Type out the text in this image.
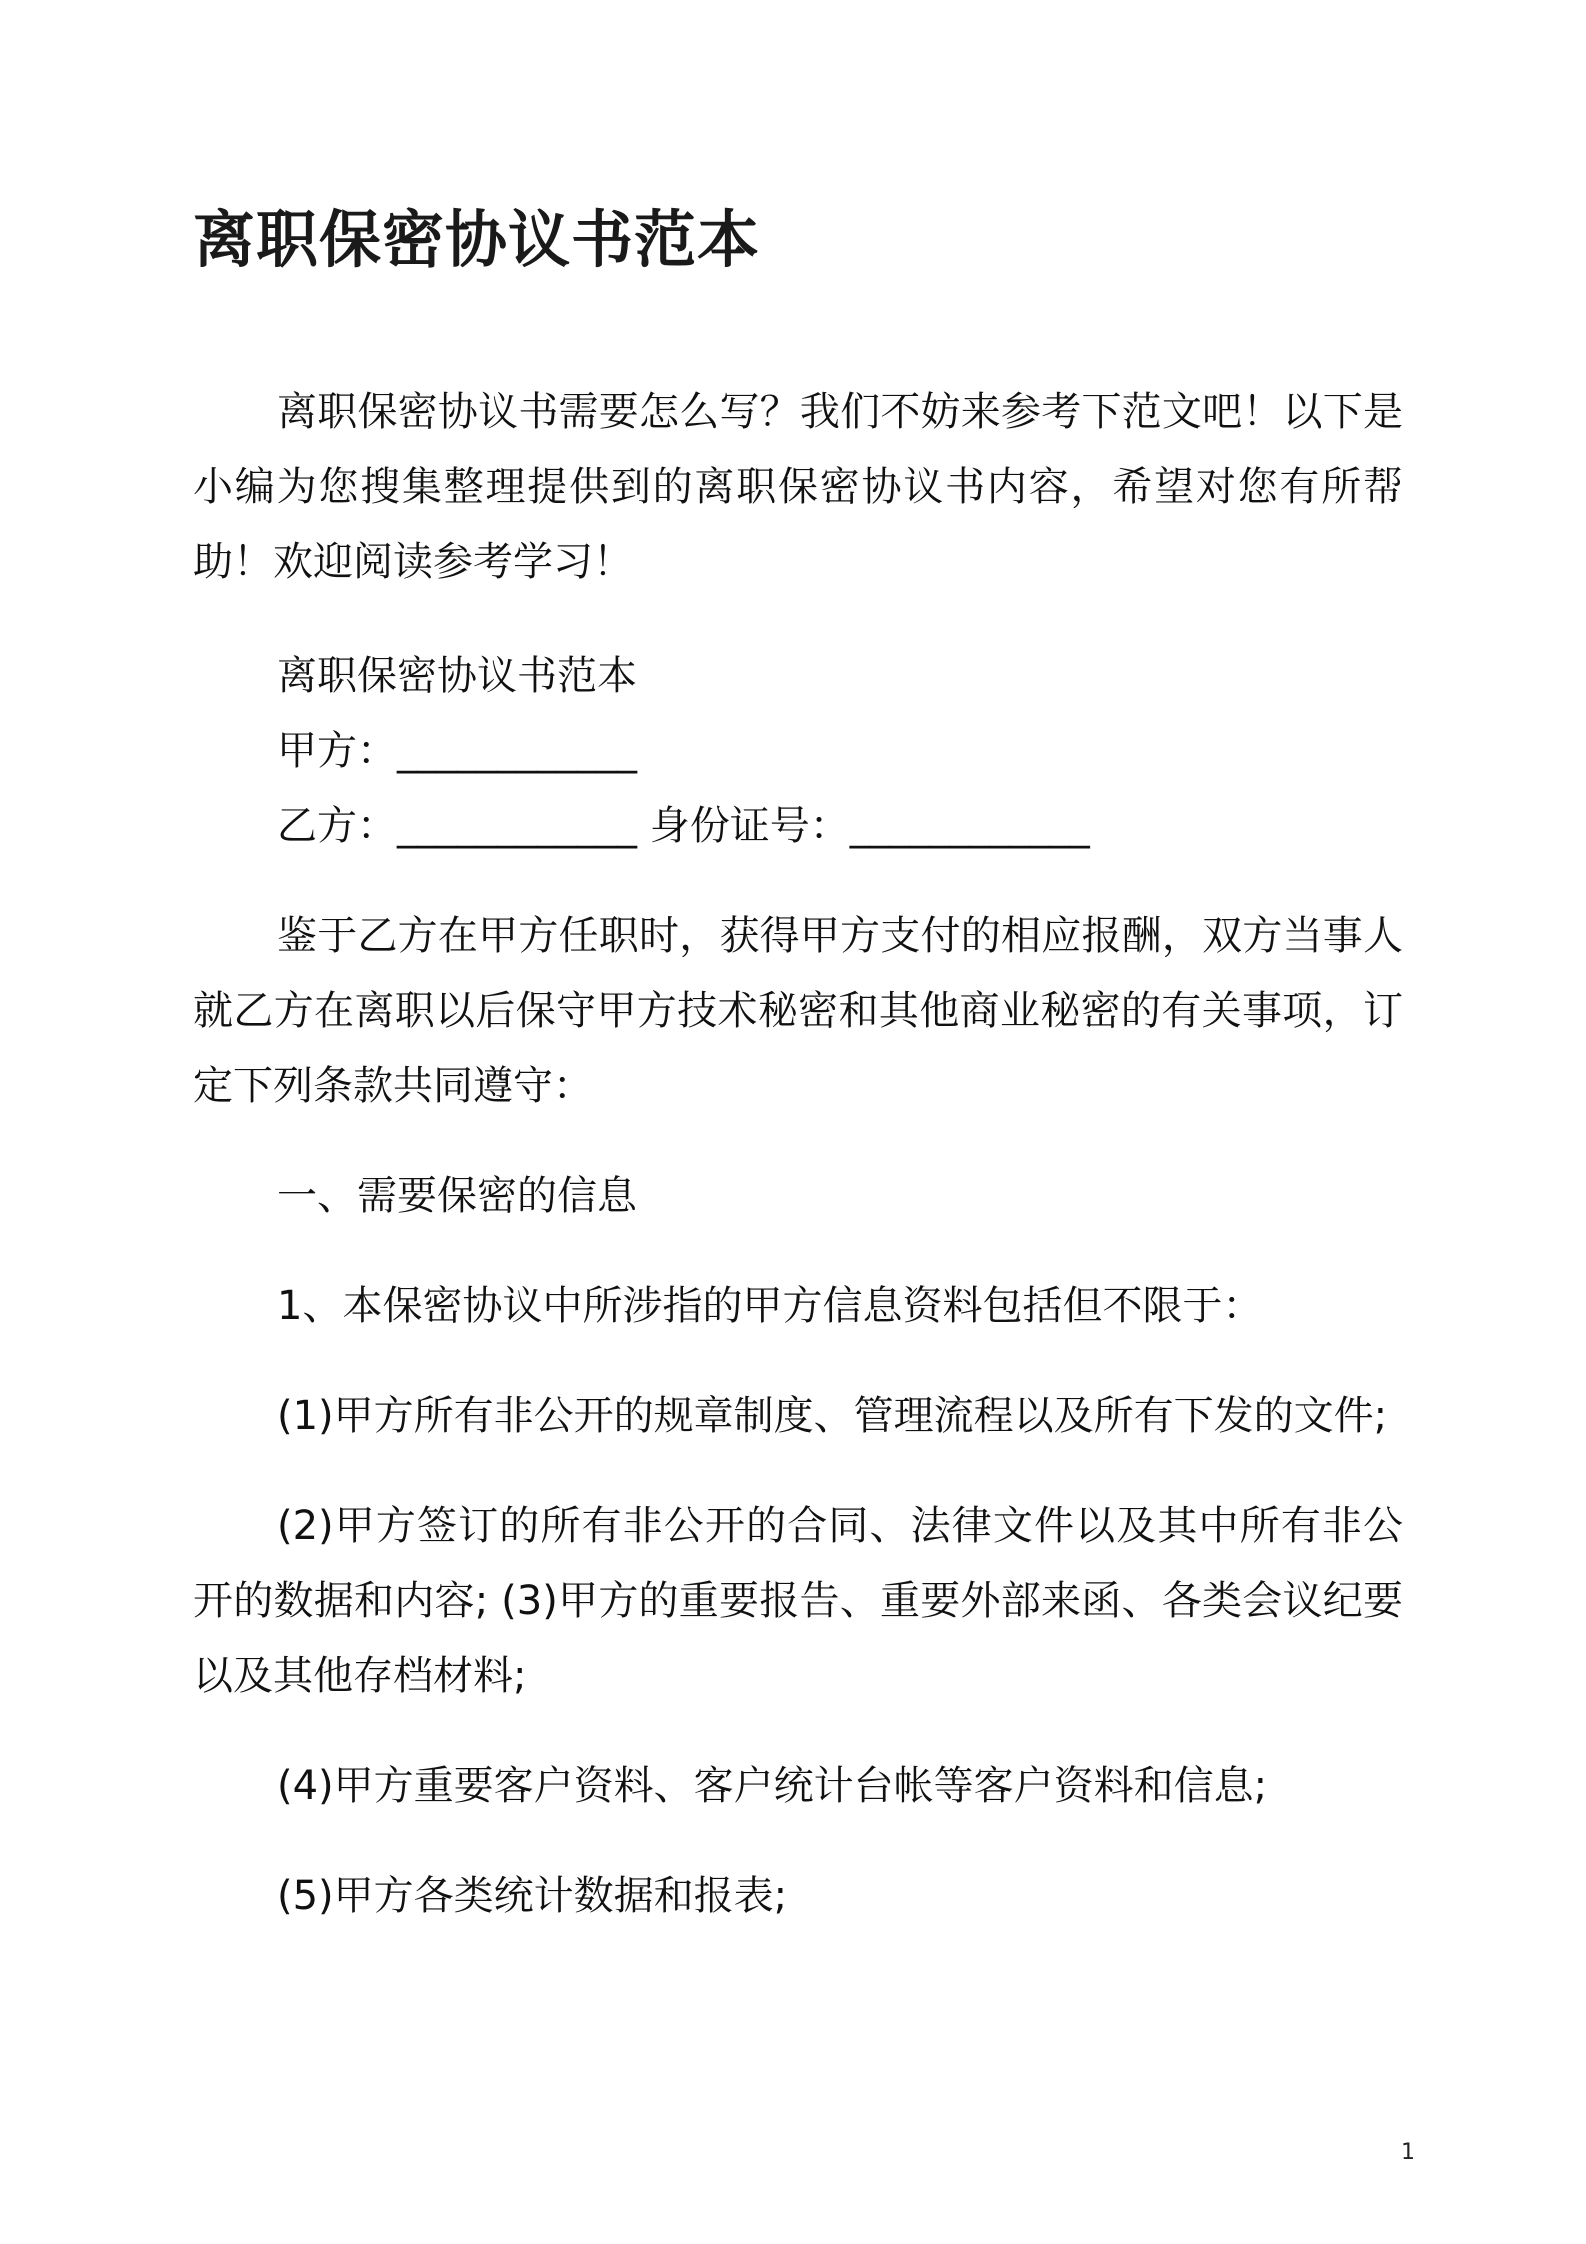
离职保密协议书范本

离职保密协议书需要怎么写？我们不妨来参考下范文吧！以下是小编为您搜集整理提供到的离职保密协议书内容，希望对您有所帮助！欢迎阅读参考学习！

离职保密协议书范本

甲方：____________

乙方：____________ 身份证号：____________

鉴于乙方在甲方任职时，获得甲方支付的相应报酬，双方当事人就乙方在离职以后保守甲方技术秘密和其他商业秘密的有关事项，订定下列条款共同遵守：

一、需要保密的信息

1、本保密协议中所涉指的甲方信息资料包括但不限于：

(1)甲方所有非公开的规章制度、管理流程以及所有下发的文件;

(2)甲方签订的所有非公开的合同、法律文件以及其中所有非公开的数据和内容; (3)甲方的重要报告、重要外部来函、各类会议纪要以及其他存档材料;

(4)甲方重要客户资料、客户统计台帐等客户资料和信息;

(5)甲方各类统计数据和报表;

1
